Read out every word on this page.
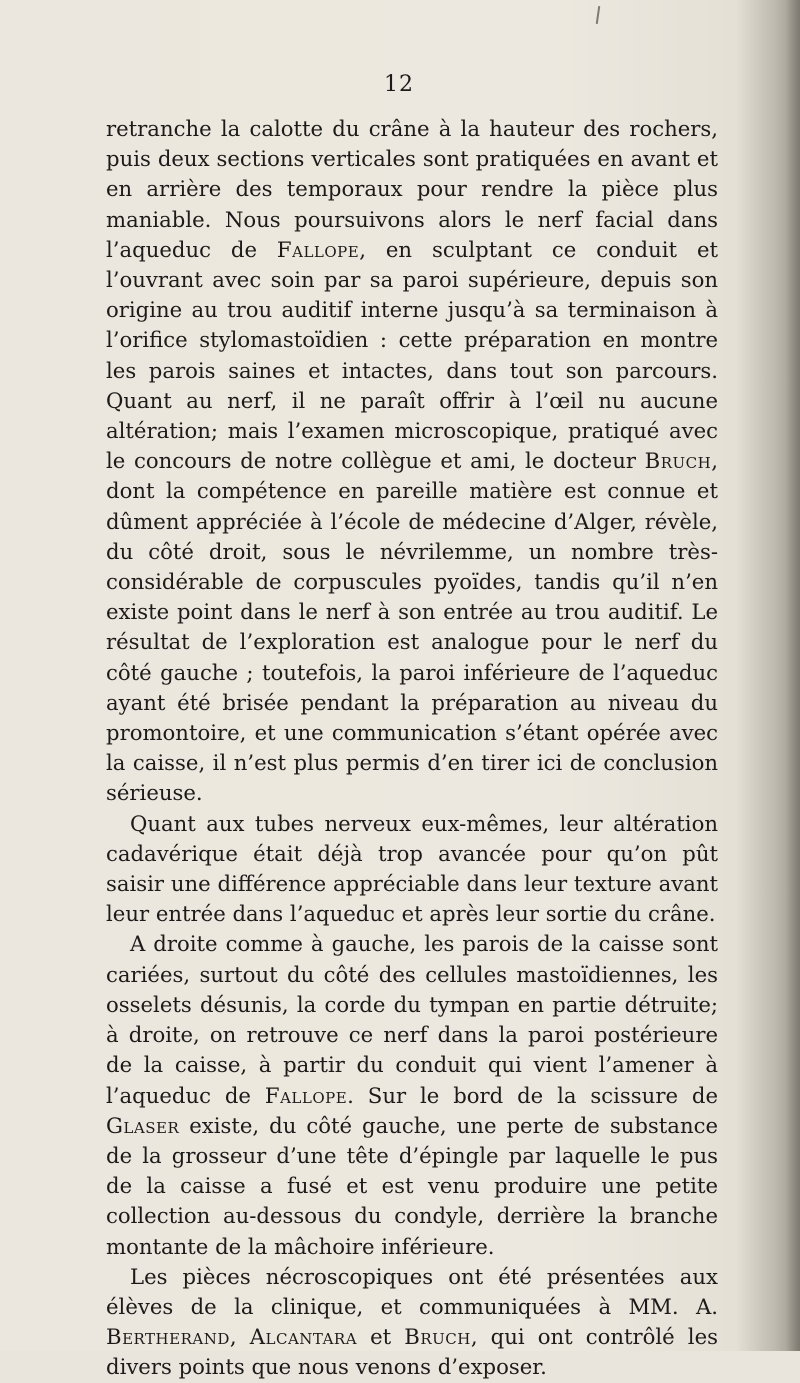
12

retranche la calotte du crâne à la hauteur des rochers, puis deux sections verticales sont pratiquées en avant et en arrière des temporaux pour rendre la pièce plus maniable. Nous poursuivons alors le nerf facial dans l’aqueduc de Fallope, en sculptant ce conduit et l’ouvrant avec soin par sa paroi supérieure, depuis son origine au trou auditif interne jusqu’à sa terminaison à l’orifice stylomastoïdien : cette préparation en montre les parois saines et intactes, dans tout son parcours. Quant au nerf, il ne paraît offrir à l’œil nu aucune altération; mais l’examen microscopique, pratiqué avec le concours de notre collègue et ami, le docteur Bruch, dont la compétence en pareille matière est connue et dûment appréciée à l’école de médecine d’Alger, révèle, du côté droit, sous le névrilemme, un nombre très-considérable de corpuscules pyoïdes, tandis qu’il n’en existe point dans le nerf à son entrée au trou auditif. Le résultat de l’exploration est analogue pour le nerf du côté gauche ; toutefois, la paroi inférieure de l’aqueduc ayant été brisée pendant la préparation au niveau du promontoire, et une communication s’étant opérée avec la caisse, il n’est plus permis d’en tirer ici de conclusion sérieuse.

Quant aux tubes nerveux eux-mêmes, leur altération cadavérique était déjà trop avancée pour qu’on pût saisir une différence appréciable dans leur texture avant leur entrée dans l’aqueduc et après leur sortie du crâne.

A droite comme à gauche, les parois de la caisse sont cariées, surtout du côté des cellules mastoïdiennes, les osselets désunis, la corde du tympan en partie détruite; à droite, on retrouve ce nerf dans la paroi postérieure de la caisse, à partir du conduit qui vient l’amener à l’aqueduc de Fallope. Sur le bord de la scissure de Glaser existe, du côté gauche, une perte de substance de la grosseur d’une tête d’épingle par laquelle le pus de la caisse a fusé et est venu produire une petite collection au-dessous du condyle, derrière la branche montante de la mâchoire inférieure.

Les pièces nécroscopiques ont été présentées aux élèves de la clinique, et communiquées à MM. A. Bertherand, Alcantara et Bruch, qui ont contrôlé les divers points que nous venons d’exposer.
